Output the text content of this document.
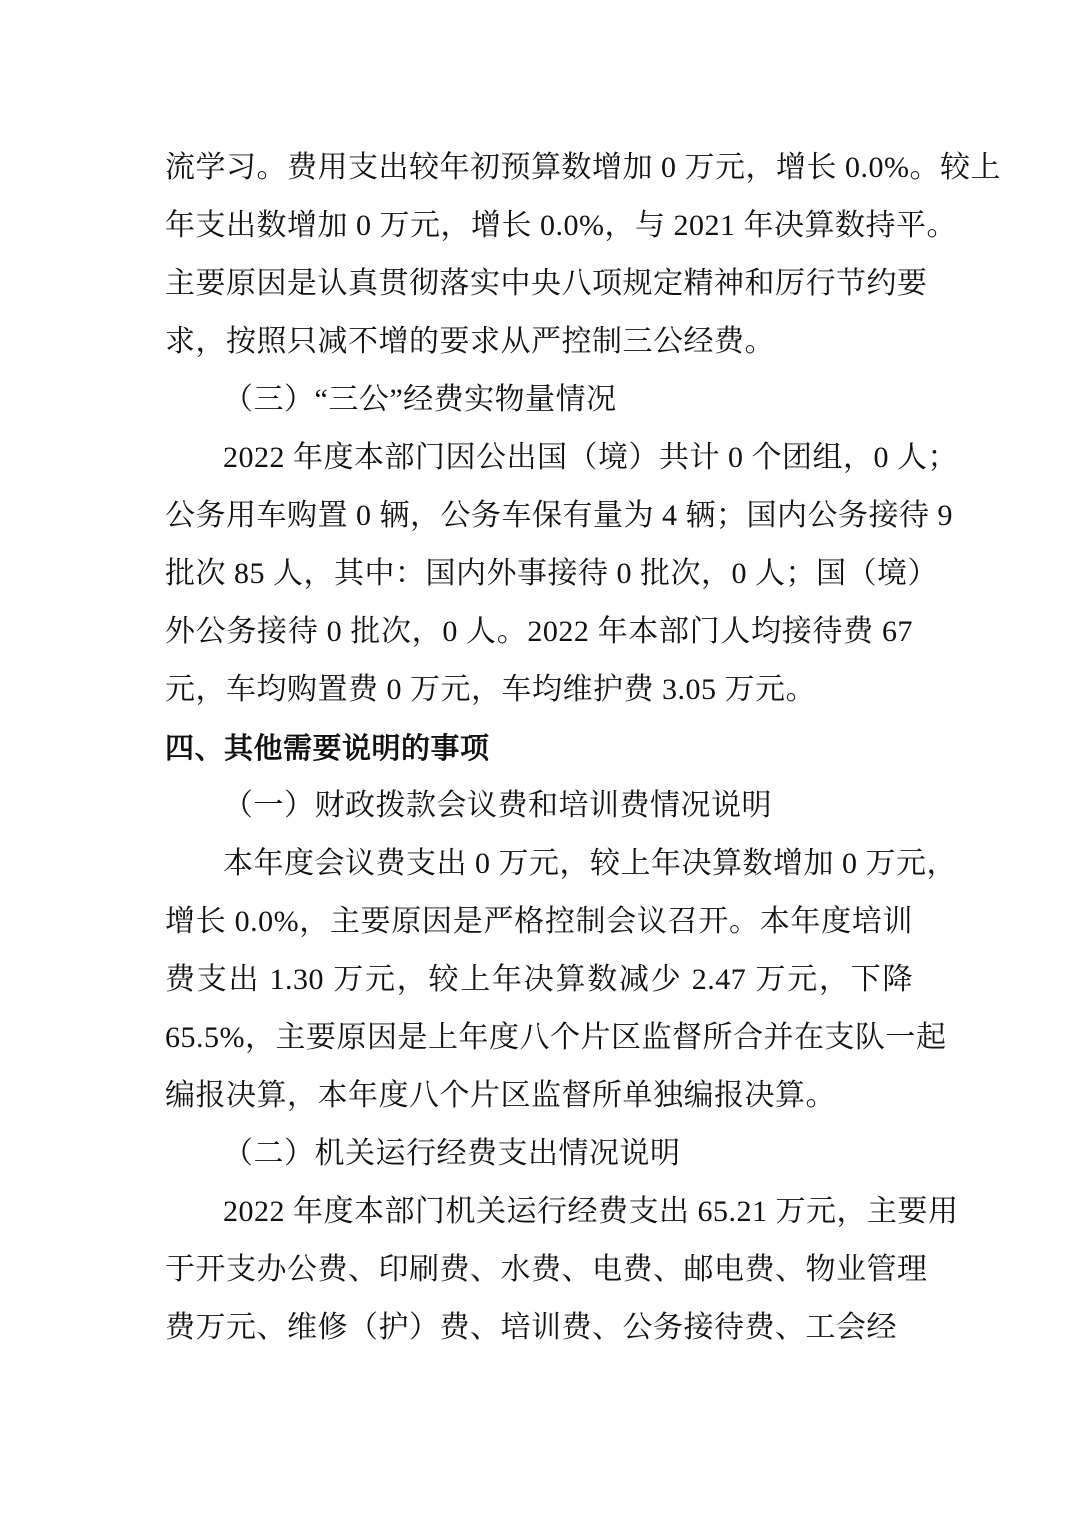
流学习。费用支出较年初预算数增加 0 万元，增长 0.0%。较上
年支出数增加 0 万元，增长 0.0%，与 2021 年决算数持平。
主要原因是认真贯彻落实中央八项规定精神和厉行节约要
求，按照只减不增的要求从严控制三公经费。
（三）“三公”经费实物量情况
2022 年度本部门因公出国（境）共计 0 个团组，0 人；
公务用车购置 0 辆，公务车保有量为 4 辆；国内公务接待 9
批次 85 人，其中：国内外事接待 0 批次，0 人；国（境）
外公务接待 0 批次，0 人。2022 年本部门人均接待费 67
元，车均购置费 0 万元，车均维护费 3.05 万元。
四、其他需要说明的事项
（一）财政拨款会议费和培训费情况说明
本年度会议费支出 0 万元，较上年决算数增加 0 万元，
增长 0.0%，主要原因是严格控制会议召开。本年度培训
费支出 1.30 万元，较上年决算数减少 2.47 万元，下降
65.5%，主要原因是上年度八个片区监督所合并在支队一起
编报决算，本年度八个片区监督所单独编报决算。
（二）机关运行经费支出情况说明
2022 年度本部门机关运行经费支出 65.21 万元，主要用
于开支办公费、印刷费、水费、电费、邮电费、物业管理
费万元、维修（护）费、培训费、公务接待费、工会经
